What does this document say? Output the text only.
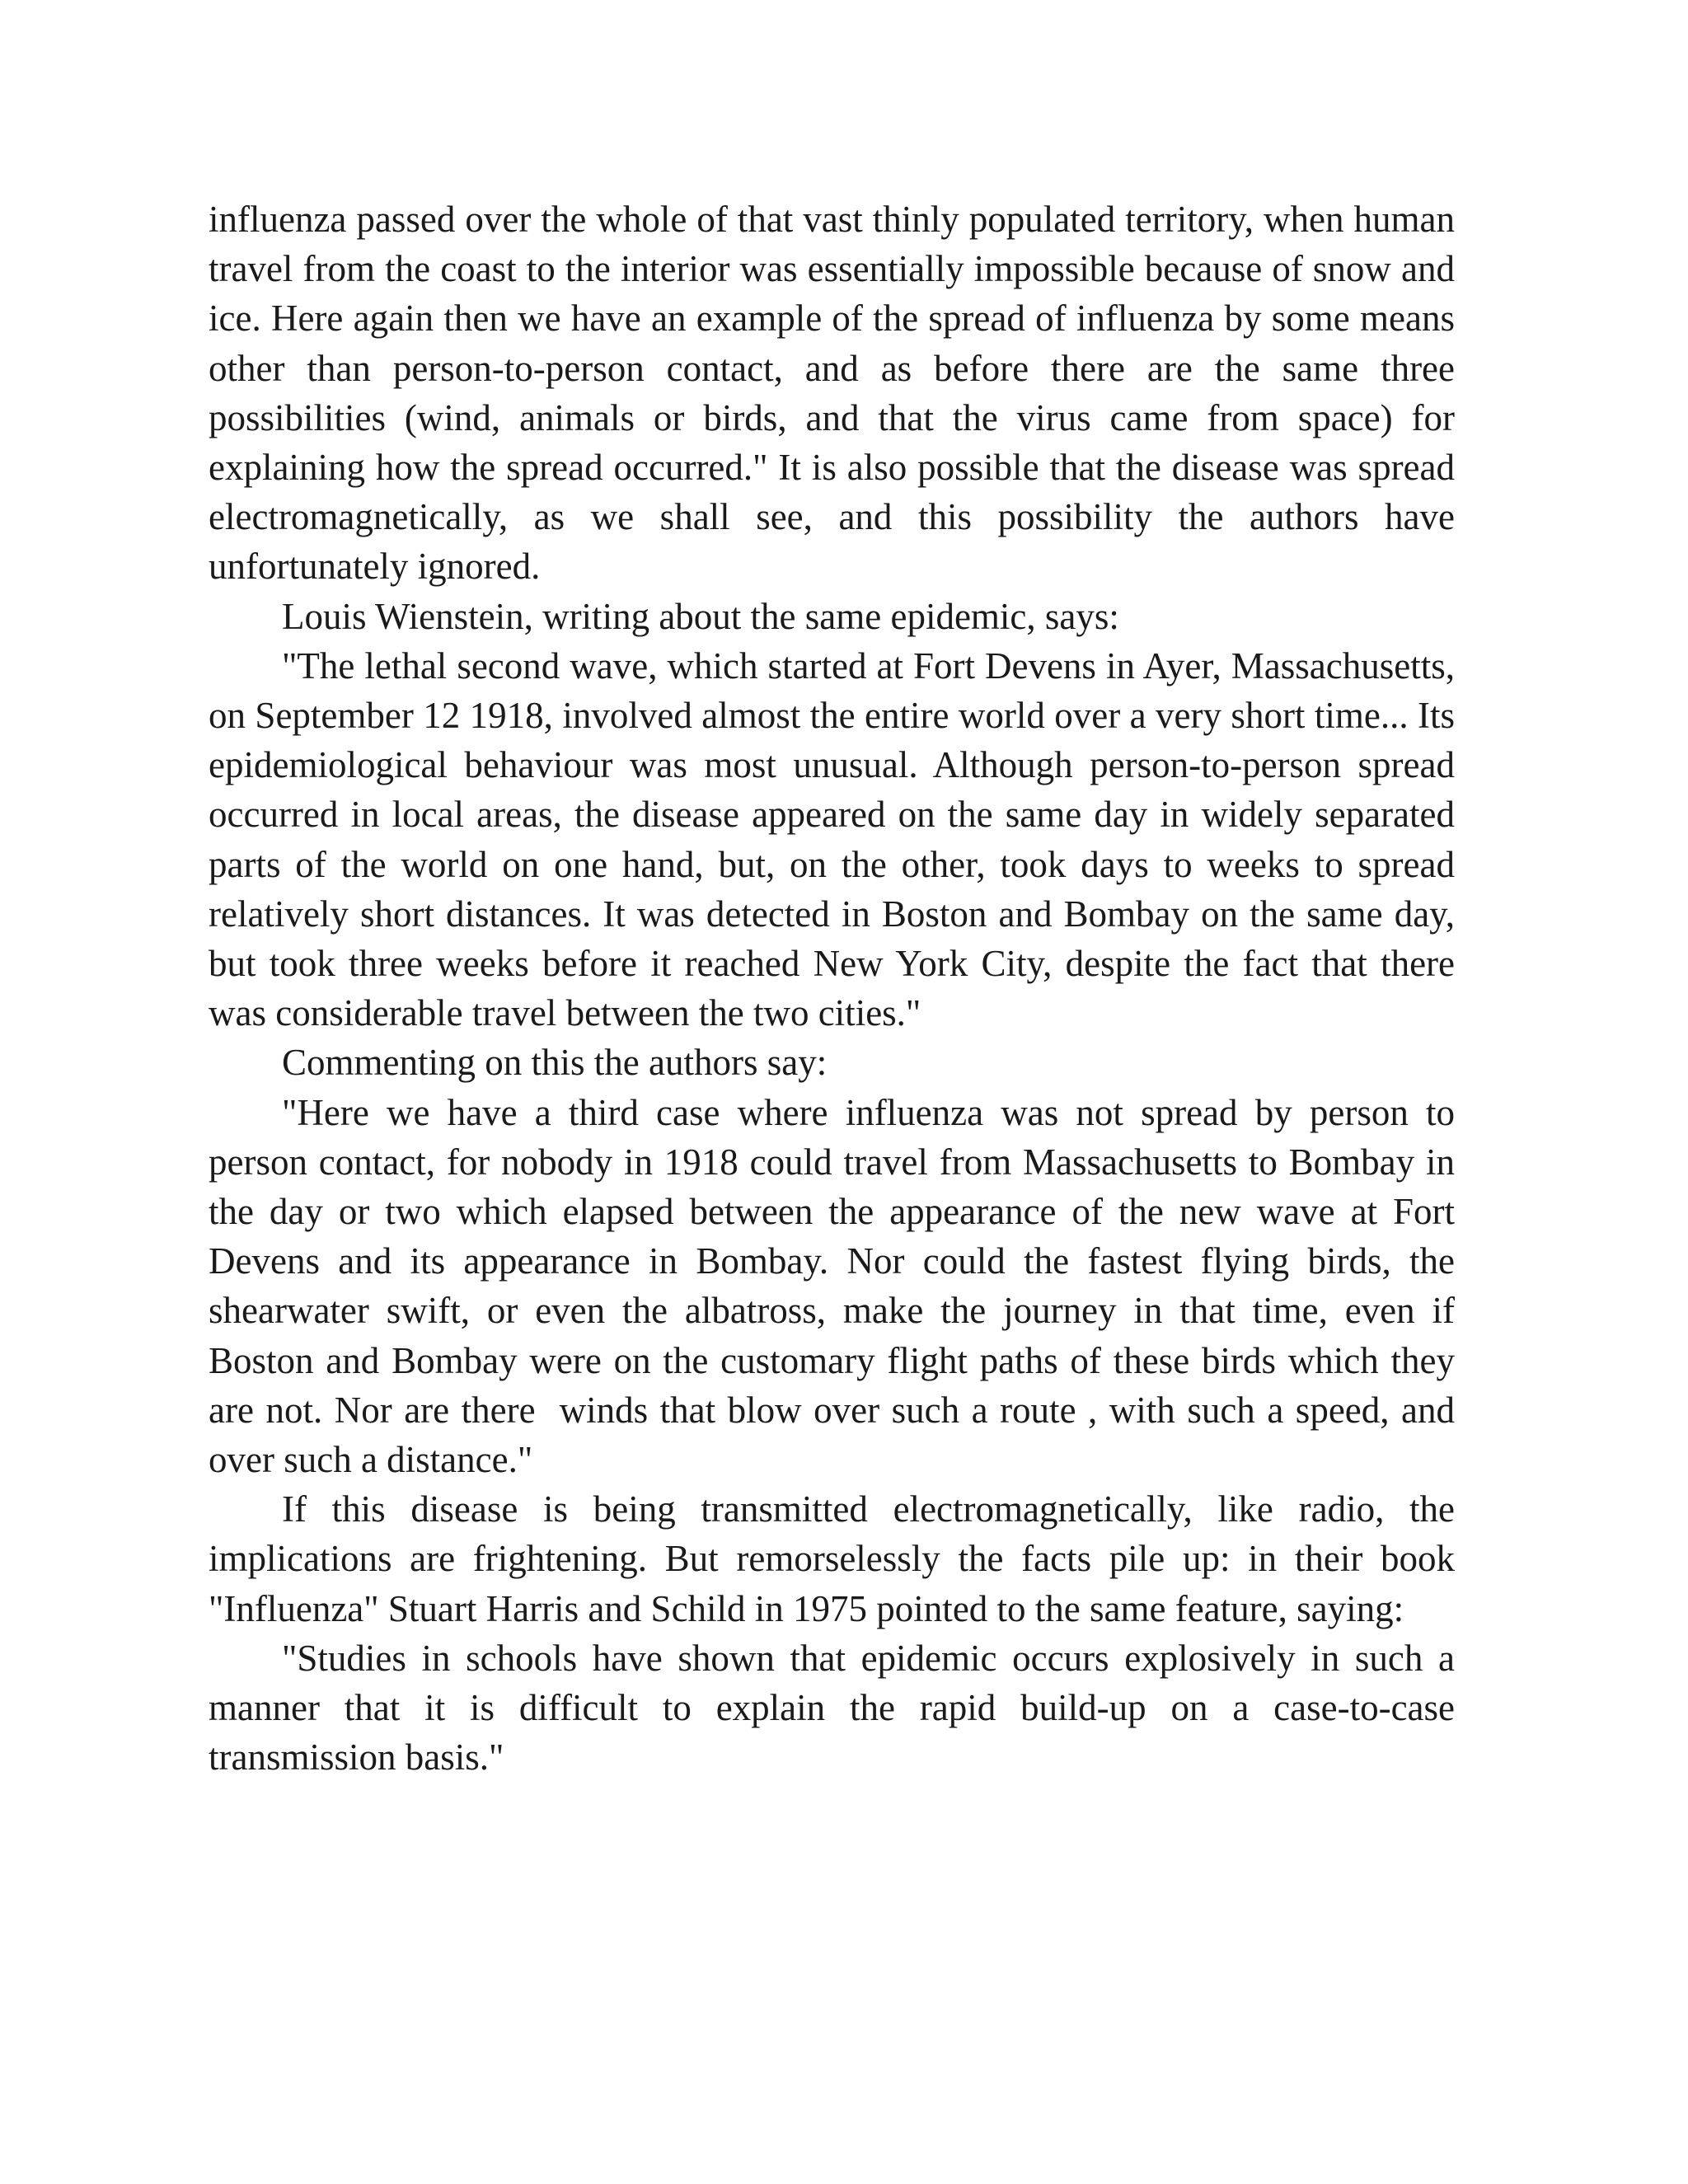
influenza passed over the whole of that vast thinly populated territory, when human travel from the coast to the interior was essentially impossible because of snow and ice. Here again then we have an example of the spread of influenza by some means other than person-to-person contact, and as before there are the same three possibilities (wind, animals or birds, and that the virus came from space) for explaining how the spread occurred." It is also possible that the disease was spread electromagnetically, as we shall see, and this possibility the authors have unfortunately ignored.

Louis Wienstein, writing about the same epidemic, says:

"The lethal second wave, which started at Fort Devens in Ayer, Massachusetts, on September 12 1918, involved almost the entire world over a very short time... Its epidemiological behaviour was most unusual. Although person-to-person spread occurred in local areas, the disease appeared on the same day in widely separated parts of the world on one hand, but, on the other, took days to weeks to spread relatively short distances. It was detected in Boston and Bombay on the same day, but took three weeks before it reached New York City, despite the fact that there was considerable travel between the two cities."

Commenting on this the authors say:

"Here we have a third case where influenza was not spread by person to person contact, for nobody in 1918 could travel from Massachusetts to Bombay in the day or two which elapsed between the appearance of the new wave at Fort Devens and its appearance in Bombay. Nor could the fastest flying birds, the shearwater swift, or even the albatross, make the journey in that time, even if Boston and Bombay were on the customary flight paths of these birds which they are not. Nor are there  winds that blow over such a route , with such a speed, and over such a distance."

If this disease is being transmitted electromagnetically, like radio, the implications are frightening. But remorselessly the facts pile up: in their book "Influenza" Stuart Harris and Schild in 1975 pointed to the same feature, saying:

"Studies in schools have shown that epidemic occurs explosively in such a manner that it is difficult to explain the rapid build-up on a case-to-case transmission basis."
